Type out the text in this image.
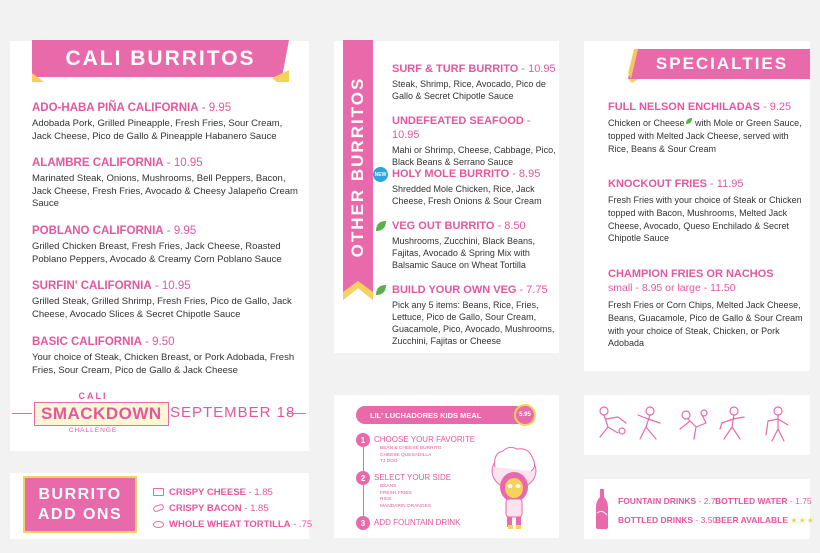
CALI BURRITOS
ADO-HABA PIÑA CALIFORNIA - 9.95
Adobada Pork, Grilled Pineapple, Fresh Fries, Sour Cream, Jack Cheese, Pico de Gallo & Pineapple Habanero Sauce
ALAMBRE CALIFORNIA - 10.95
Marinated Steak, Onions, Mushrooms, Bell Peppers, Bacon, Jack Cheese, Fresh Fries, Avocado & Cheesy Jalapeño Cream Sauce
POBLANO CALIFORNIA - 9.95
Grilled Chicken Breast, Fresh Fries, Jack Cheese, Roasted Poblano Peppers, Avocado & Creamy Corn Poblano Sauce
SURFIN' CALIFORNIA - 10.95
Grilled Steak, Grilled Shrimp, Fresh Fries, Pico de Gallo, Jack Cheese, Avocado Slices & Secret Chipotle Sauce
BASIC CALIFORNIA - 9.50
Your choice of Steak, Chicken Breast, or Pork Adobada, Fresh Fries, Sour Cream, Pico de Gallo & Jack Cheese
CALI
SMACKDOWN
CHALLENGE
SEPTEMBER 18
OTHER BURRITOS
SURF & TURF BURRITO - 10.95
Steak, Shrimp, Rice, Avocado, Pico de Gallo & Secret Chipotle Sauce
UNDEFEATED SEAFOOD - 10.95
Mahi or Shrimp, Cheese, Cabbage, Pico, Black Beans & Serrano Sauce
NEW HOLY MOLE BURRITO - 8.95
Shredded Mole Chicken, Rice, Jack Cheese, Fresh Onions & Sour Cream
VEG OUT BURRITO - 8.50
Mushrooms, Zucchini, Black Beans, Fajitas, Avocado & Spring Mix with Balsamic Sauce on Wheat Tortilla
BUILD YOUR OWN VEG - 7.75
Pick any 5 items: Beans, Rice, Fries, Lettuce, Pico de Gallo, Sour Cream, Guacamole, Pico, Avocado, Mushrooms, Zucchini, Fajitas or Cheese
SPECIALTIES
FULL NELSON ENCHILADAS - 9.25
Chicken or Cheese with Mole or Green Sauce, topped with Melted Jack Cheese, served with Rice, Beans & Sour Cream
KNOCKOUT FRIES - 11.95
Fresh Fries with your choice of Steak or Chicken topped with Bacon, Mushrooms, Melted Jack Cheese, Avocado, Queso Enchilado & Secret Chipotle Sauce
CHAMPION FRIES OR NACHOS
small - 8.95 or large - 11.50
Fresh Fries or Corn Chips, Melted Jack Cheese, Beans, Guacamole, Pico de Gallo & Sour Cream with your choice of Steak, Chicken, or Pork Adobada
LIL' LUCHADORES KIDS MEAL	5.95
1	CHOOSE YOUR FAVORITE
BEAN & CHEESE BURRITO
CHEESE QUESADILLA
TJ DOG
2	SELECT YOUR SIDE
BEANS
FRESH FRIES
RICE
MANDARIN ORANGES
3	ADD FOUNTAIN DRINK
BURRITO
ADD ONS
CRISPY CHEESE - 1.85
CRISPY BACON - 1.85
WHOLE WHEAT TORTILLA - .75
FOUNTAIN DRINKS - 2.75
BOTTLED WATER - 1.75
BOTTLED DRINKS - 3.50
BEER AVAILABLE ★★★
